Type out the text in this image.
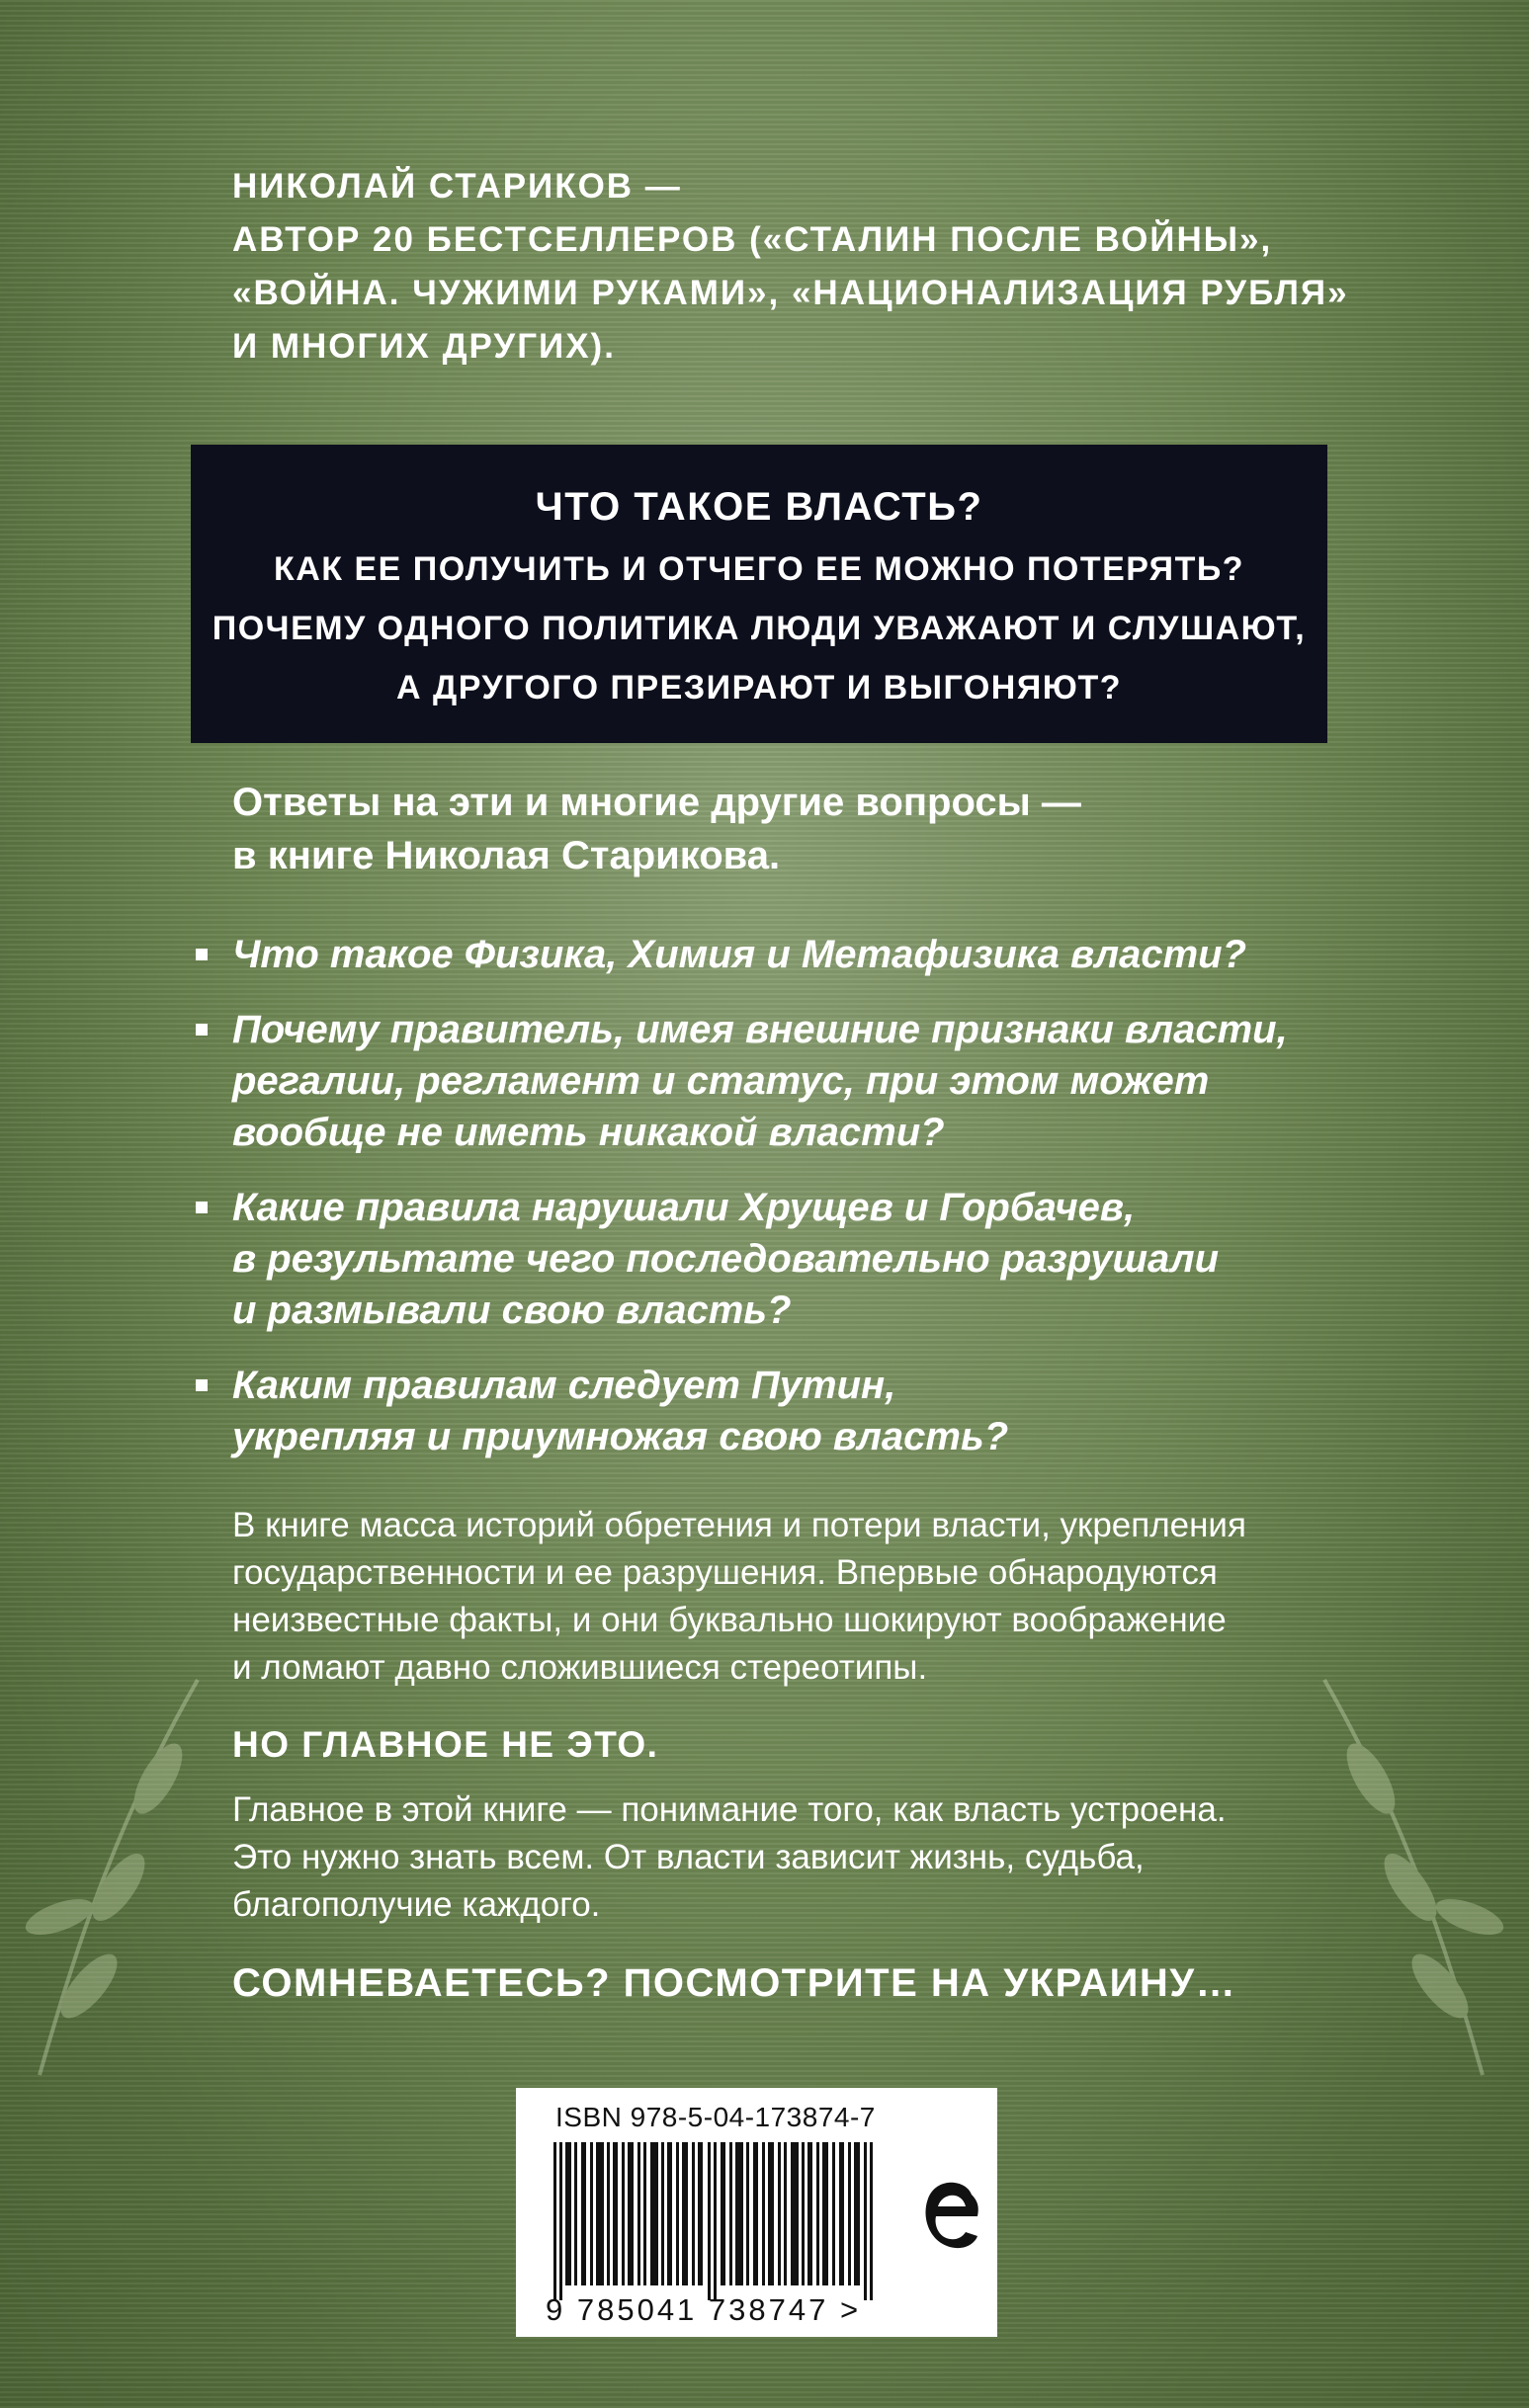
НИКОЛАЙ СТАРИКОВ —
АВТОР 20 БЕСТСЕЛЛЕРОВ («СТАЛИН ПОСЛЕ ВОЙНЫ»,
«ВОЙНА. ЧУЖИМИ РУКАМИ», «НАЦИОНАЛИЗАЦИЯ РУБЛЯ»
И МНОГИХ ДРУГИХ).
ЧТО ТАКОЕ ВЛАСТЬ?
КАК ЕЕ ПОЛУЧИТЬ И ОТЧЕГО ЕЕ МОЖНО ПОТЕРЯТЬ?
ПОЧЕМУ ОДНОГО ПОЛИТИКА ЛЮДИ УВАЖАЮТ И СЛУШАЮТ,
А ДРУГОГО ПРЕЗИРАЮТ И ВЫГОНЯЮТ?
Ответы на эти и многие другие вопросы —
в книге Николая Старикова.
Что такое Физика, Химия и Метафизика власти?
Почему правитель, имея внешние признаки власти,
регалии, регламент и статус, при этом может
вообще не иметь никакой власти?
Какие правила нарушали Хрущев и Горбачев,
в результате чего последовательно разрушали
и размывали свою власть?
Каким правилам следует Путин,
укрепляя и приумножая свою власть?
В книге масса историй обретения и потери власти, укрепления
государственности и ее разрушения. Впервые обнародуются
неизвестные факты, и они буквально шокируют воображение
и ломают давно сложившиеся стереотипы.
НО ГЛАВНОЕ НЕ ЭТО.
Главное в этой книге — понимание того, как власть устроена.
Это нужно знать всем. От власти зависит жизнь, судьба,
благополучие каждого.
СОМНЕВАЕТЕСЬ? ПОСМОТРИТЕ НА УКРАИНУ…
ISBN 978-5-04-173874-7
9 785041 738747 >
